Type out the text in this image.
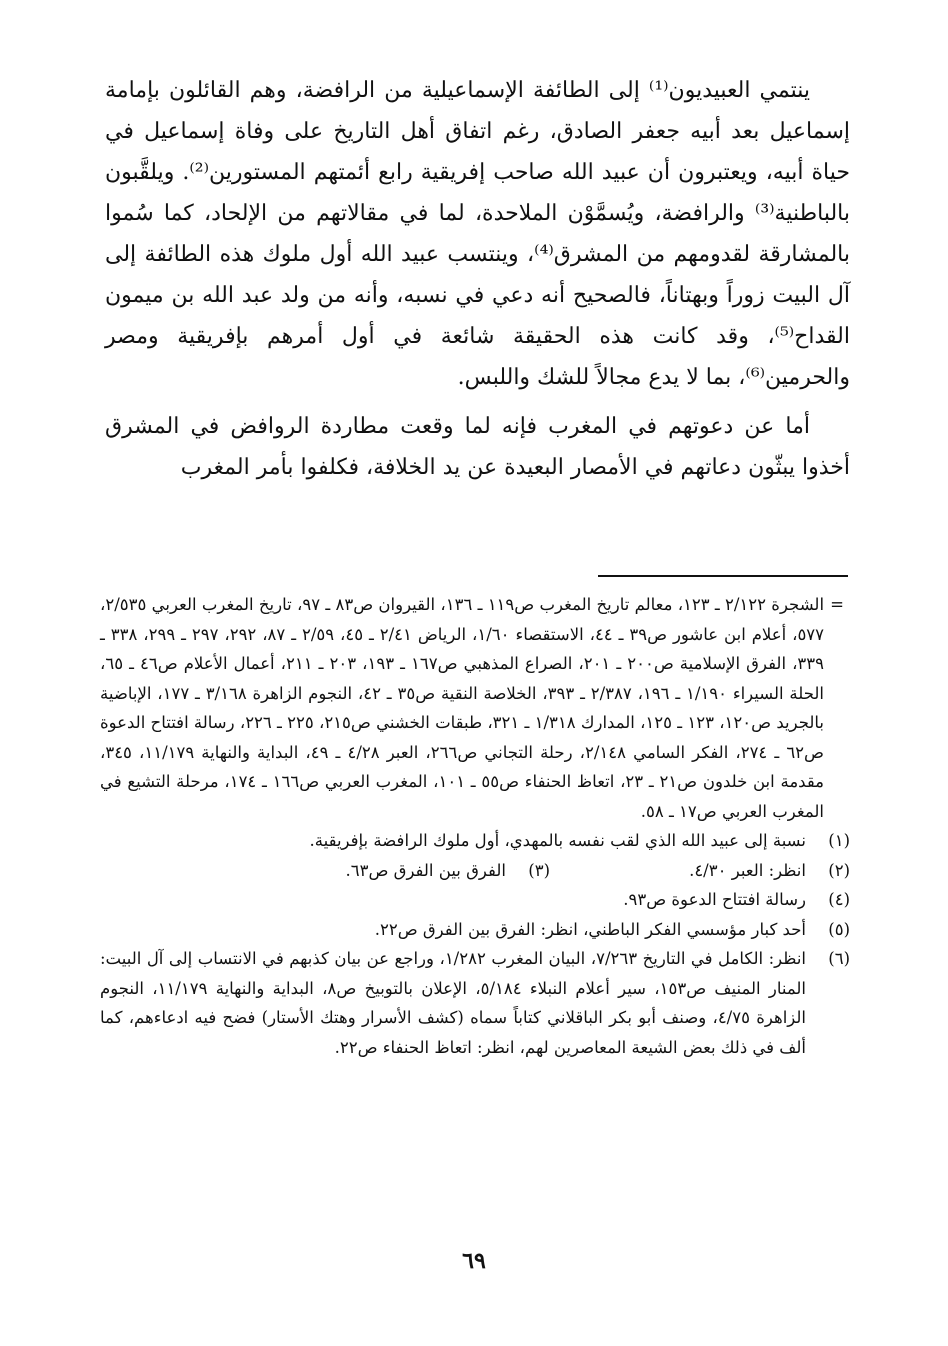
ينتمي العبيديون⁽¹⁾ إلى الطائفة الإسماعيلية من الرافضة، وهم القائلون بإمامة إسماعيل بعد أبيه جعفر الصادق، رغم اتفاق أهل التاريخ على وفاة إسماعيل في حياة أبيه، ويعتبرون أن عبيد الله صاحب إفريقية رابع أئمتهم المستورين⁽²⁾. ويلقَّبون بالباطنية⁽³⁾ والرافضة، ويُسمَّوْن الملاحدة، لما في مقالاتهم من الإلحاد، كما سُموا بالمشارقة لقدومهم من المشرق⁽⁴⁾، وينتسب عبيد الله أول ملوك هذه الطائفة إلى آل البيت زوراً وبهتاناً، فالصحيح أنه دعي في نسبه، وأنه من ولد عبد الله بن ميمون القداح⁽⁵⁾، وقد كانت هذه الحقيقة شائعة في أول أمرهم بإفريقية ومصر والحرمين⁽⁶⁾، بما لا يدع مجالاً للشك واللبس.

أما عن دعوتهم في المغرب فإنه لما وقعت مطاردة الروافض في المشرق أخذوا يبثّون دعاتهم في الأمصار البعيدة عن يد الخلافة، فكلفوا بأمر المغرب

=
الشجرة ٢/١٢٢ ـ ١٢٣، معالم تاريخ المغرب ص١١٩ ـ ١٣٦، القيروان ص٨٣ ـ ٩٧، تاريخ المغرب العربي ٢/٥٣٥، ٥٧٧، أعلام ابن عاشور ص٣٩ ـ ٤٤، الاستقصاء ١/٦٠، الرياض ٢/٤١ ـ ٤٥، ٢/٥٩ ـ ٨٧، ٢٩٢، ٢٩٧ ـ ٢٩٩، ٣٣٨ ـ ٣٣٩، الفرق الإسلامية ص٢٠٠ ـ ٢٠١، الصراع المذهبي ص١٦٧ ـ ١٩٣، ٢٠٣ ـ ٢١١، أعمال الأعلام ص٤٦ ـ ٦٥، الحلة السيراء ١/١٩٠ ـ ١٩٦، ٢/٣٨٧ ـ ٣٩٣، الخلاصة النقية ص٣٥ ـ ٤٢، النجوم الزاهرة ٣/١٦٨ ـ ١٧٧، الإباضية بالجريد ص١٢٠، ١٢٣ ـ ١٢٥، المدارك ١/٣١٨ ـ ٣٢١، طبقات الخشني ص٢١٥، ٢٢٥ ـ ٢٢٦، رسالة افتتاح الدعوة ص٦٢ ـ ٢٧٤، الفكر السامي ٢/١٤٨، رحلة التجاني ص٢٦٦، العبر ٤/٢٨ ـ ٤٩، البداية والنهاية ١١/١٧٩، ٣٤٥، مقدمة ابن خلدون ص٢١ ـ ٢٣، اتعاظ الحنفاء ص٥٥ ـ ١٠١، المغرب العربي ص١٦٦ ـ ١٧٤، مرحلة التشيع في المغرب العربي ص١٧ ـ ٥٨.
(١)
نسبة إلى عبيد الله الذي لقب نفسه بالمهدي، أول ملوك الرافضة بإفريقية.
(٢)
انظر: العبر ٤/٣٠.
(٣)
الفرق بين الفرق ص٦٣.
(٤)
رسالة افتتاح الدعوة ص٩٣.
(٥)
أحد كبار مؤسسي الفكر الباطني، انظر: الفرق بين الفرق ص٢٢.
(٦)
انظر: الكامل في التاريخ ٧/٢٦٣، البيان المغرب ١/٢٨٢، وراجع عن بيان كذبهم في الانتساب إلى آل البيت: المنار المنيف ص١٥٣، سير أعلام النبلاء ٥/١٨٤، الإعلان بالتوبيخ ص٨، البداية والنهاية ١١/١٧٩، النجوم الزاهرة ٤/٧٥، وصنف أبو بكر الباقلاني كتاباً سماه (كشف الأسرار وهتك الأستار) فضح فيه ادعاءهم، كما ألف في ذلك بعض الشيعة المعاصرين لهم، انظر: اتعاظ الحنفاء ص٢٢.
٦٩
